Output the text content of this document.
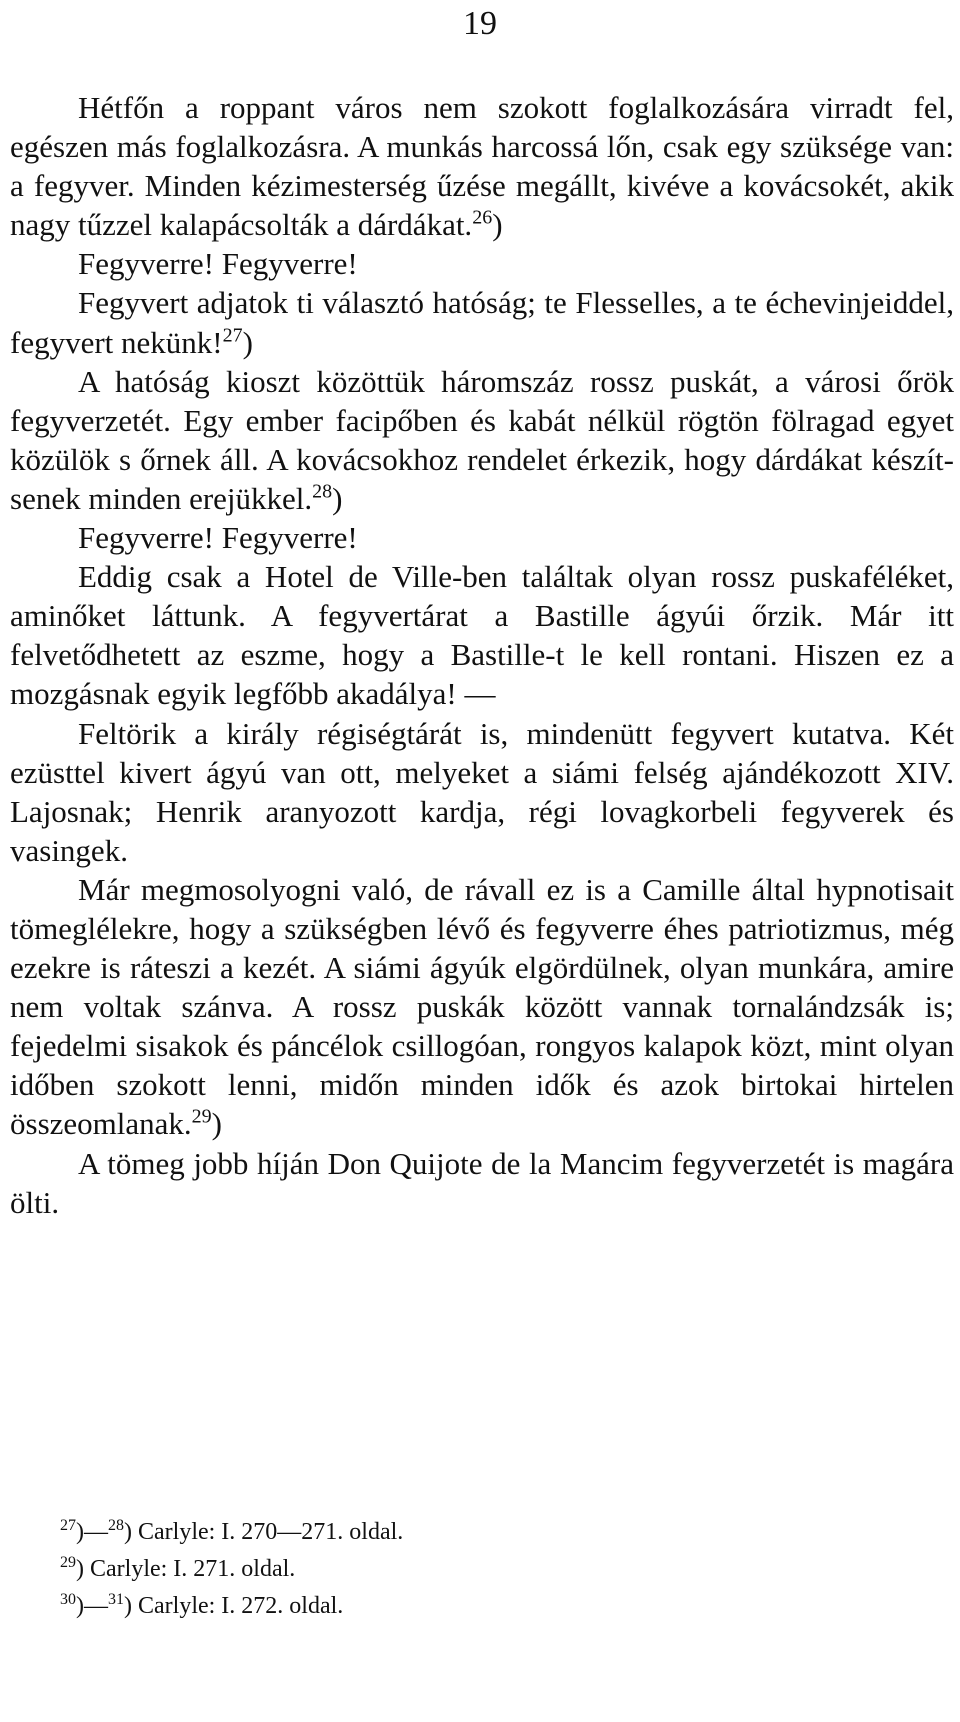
19

Hétfőn a roppant város nem szokott foglalkozására virradt fel, egészen más foglalkozásra. A munkás harcossá lőn, csak egy szüksége van: a fegyver. Minden kézimesterség űzése megállt, kivéve a kovácsokét, akik nagy tűzzel kalapácsolták a dárdákat.$^{26}$)

Fegyverre! Fegyverre!

Fegyvert adjatok ti választó hatóság; te Flesselles, a te échevinjeiddel, fegyvert nekünk!$^{27}$)

A hatóság kioszt közöttük háromszáz rossz puskát, a városi őrök fegyverzetét. Egy ember facipőben és kabát nélkül rögtön fölragad egyet közülök s őrnek áll. A kovácsokhoz rendelet érkezik, hogy dárdákat készítsenek minden erejükkel.$^{28}$)

Fegyverre! Fegyverre!

Eddig csak a Hotel de Ville-ben találtak olyan rossz puskaféléket, aminőket láttunk. A fegyvertárat a Bastille ágyúi őrzik. Már itt felvetődhetett az eszme, hogy a Bastille-t le kell rontani. Hiszen ez a mozgásnak egyik legfőbb akadálya! —

Feltörik a király régiségtárát is, mindenütt fegyvert kutatva. Két ezüsttel kivert ágyú van ott, melyeket a siámi felség ajándékozott XIV. Lajosnak; Henrik aranyozott kardja, régi lovagkorbeli fegyverek és vasingek.

Már megmosolyogni való, de rávall ez is a Camille által hypnotisait tömeglélekre, hogy a szükségben lévő és fegyverre éhes patriotizmus, még ezekre is ráteszi a kezét. A siámi ágyúk elgördülnek, olyan munkára, amire nem voltak szánva. A rossz puskák között vannak tornalándzsák is; fejedelmi sisakok és páncélok csillogóan, rongyos kalapok közt, mint olyan időben szokott lenni, midőn minden idők és azok birtokai hirtelen összeomlanak.$^{29}$)

A tömeg jobb híján Don Quijote de la Mancim fegyverzetét is magára ölti.

$^{27}$)—$^{28}$) Carlyle: I. 270—271. oldal.

$^{29}$) Carlyle: I. 271. oldal.

$^{30}$)—$^{31}$) Carlyle: I. 272. oldal.
